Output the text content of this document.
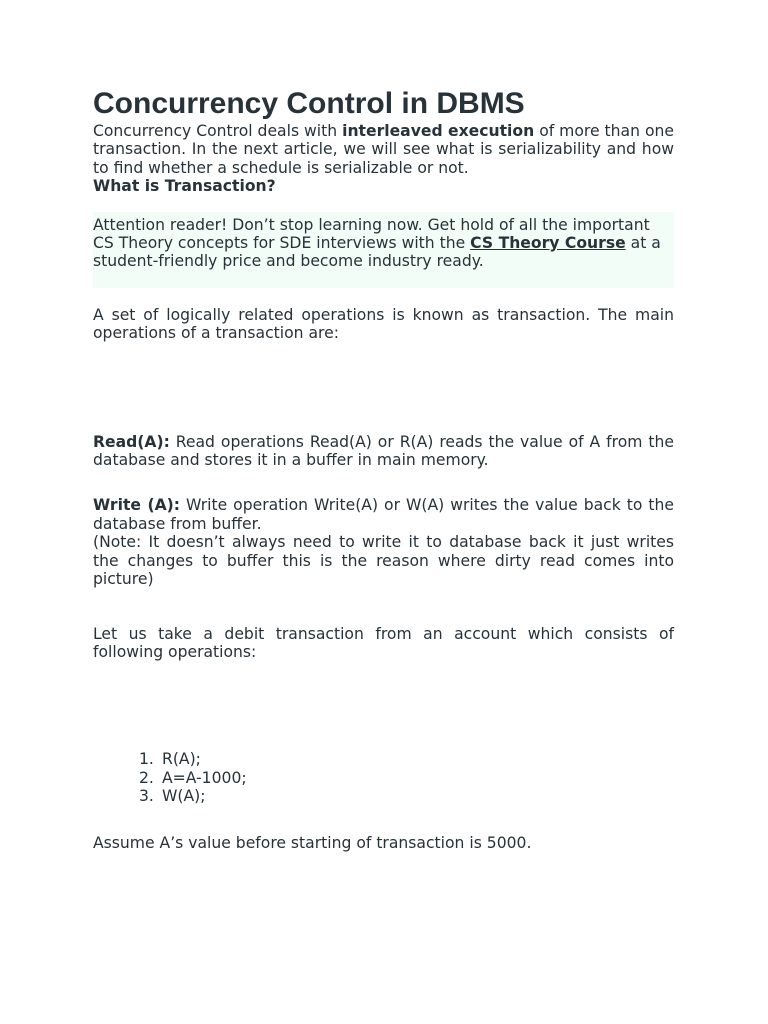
Concurrency Control in DBMS

Concurrency Control deals with interleaved execution of more than one transaction. In the next article, we will see what is serializability and how to find whether a schedule is serializable or not.

What is Transaction?

Attention reader! Don’t stop learning now. Get hold of all the important CS Theory concepts for SDE interviews with the CS Theory Course at a student-friendly price and become industry ready.

A set of logically related operations is known as transaction. The main operations of a transaction are:

Read(A): Read operations Read(A) or R(A) reads the value of A from the database and stores it in a buffer in main memory.

Write (A): Write operation Write(A) or W(A) writes the value back to the database from buffer.

(Note: It doesn’t always need to write it to database back it just writes the changes to buffer this is the reason where dirty read comes into picture)

Let us take a debit transaction from an account which consists of following operations:

1. R(A);
2. A=A-1000;
3. W(A);

Assume A’s value before starting of transaction is 5000.
